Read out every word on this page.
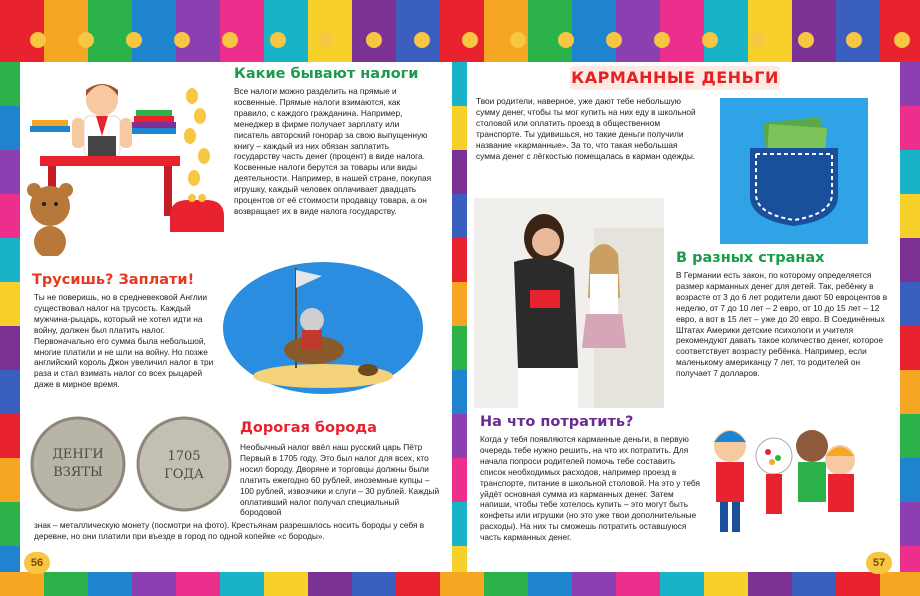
Какие бывают налоги
Все налоги можно разделить на прямые и косвенные. Прямые налоги взимаются, как правило, с каждого гражданина. Например, менеджер в фирме получает зарплату или писатель авторский гонорар за свою выпущенную книгу – каждый из них обязан заплатить государству часть денег (процент) в виде налога. Косвенные налоги берутся за товары или виды деятельности. Например, в нашей стране, покупая игрушку, каждый человек оплачивает двадцать процентов от её стоимости продавцу товара, а он возвращает их в виде налога государству.
Трусишь? Заплати!
Ты не поверишь, но в средневековой Англии существовал налог на трусость. Каждый мужчина-рыцарь, который не хотел идти на войну, должен был платить налог. Первоначально его сумма была небольшой, многие платили и не шли на войну. Но позже английский король Джон увеличил налог в три раза и стал взимать налог со всех рыцарей даже в мирное время.
ДЕНГИ
ВЗЯТЫ
1705
ГОДА
Дорогая борода
Необычный налог ввёл наш русский царь Пётр Первый в 1705 году. Это был налог для всех, кто носил бороду. Дворяне и торговцы должны были платить ежегодно 60 рублей, иноземные купцы – 100 рублей, извозчики и слуги – 30 рублей. Каждый оплативший налог получал специальный бородовой
знак – металлическую монету (посмотри на фото). Крестьянам разрешалось носить бороды у себя в деревне, но они платили при въезде в город по одной копейке «с бороды».
56
КАРМАННЫЕ ДЕНЬГИ
Твои родители, наверное, уже дают тебе небольшую сумму денег, чтобы ты мог купить на них еду в школьной столовой или оплатить проезд в общественном транспорте. Ты удивишься, но такие деньги получили название «карманные». За то, что такая небольшая сумма денег с лёгкостью помещалась в карман одежды.
В разных странах
В Германии есть закон, по которому определяется размер карманных денег для детей. Так, ребёнку в возрасте от 3 до 6 лет родители дают 50 евроцентов в неделю, от 7 до 10 лет – 2 евро, от 10 до 15 лет – 12 евро, а вот в 15 лет – уже до 20 евро. В Соединённых Штатах Америки детские психологи и учителя рекомендуют давать такое количество денег, которое соответствует возрасту ребёнка. Например, если маленькому американцу 7 лет, то родителей он получает 7 долларов.
На что потратить?
Когда у тебя появляются карманные деньги, в первую очередь тебе нужно решить, на что их потратить. Для начала попроси родителей помочь тебе составить список необходимых расходов, например проезд в транспорте, питание в школьной столовой. На это у тебя уйдёт основная сумма из карманных денег. Затем напиши, чтобы тебе хотелось купить – это могут быть конфеты или игрушки (но это уже твои дополнительные расходы). На них ты сможешь потратить оставшуюся часть карманных денег.
57
